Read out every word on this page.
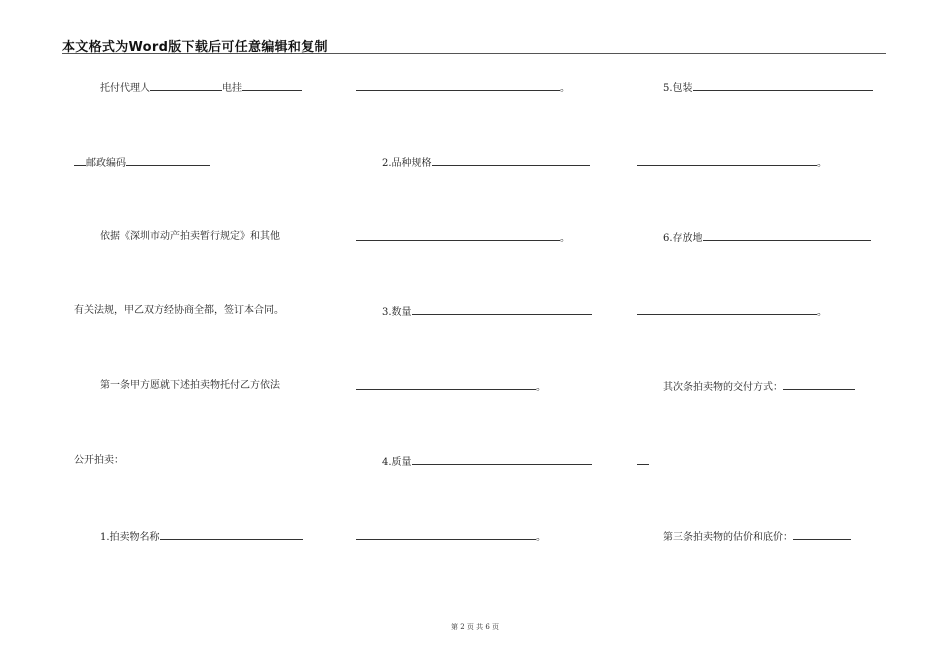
本文格式为Word版下载后可任意编辑和复制
托付代理人	电挂
邮政编码
依据《深圳市动产拍卖暂行规定》和其他
有关法规，甲乙双方经协商全都，签订本合同。
第一条甲方愿就下述拍卖物托付乙方依法
公开拍卖：
1.拍卖物名称
。
2.品种规格
。
3.数量
。
4.质量
。
5.包装
。
6.存放地
。
其次条拍卖物的交付方式：
第三条拍卖物的估价和底价：
第 2 页 共 6 页
